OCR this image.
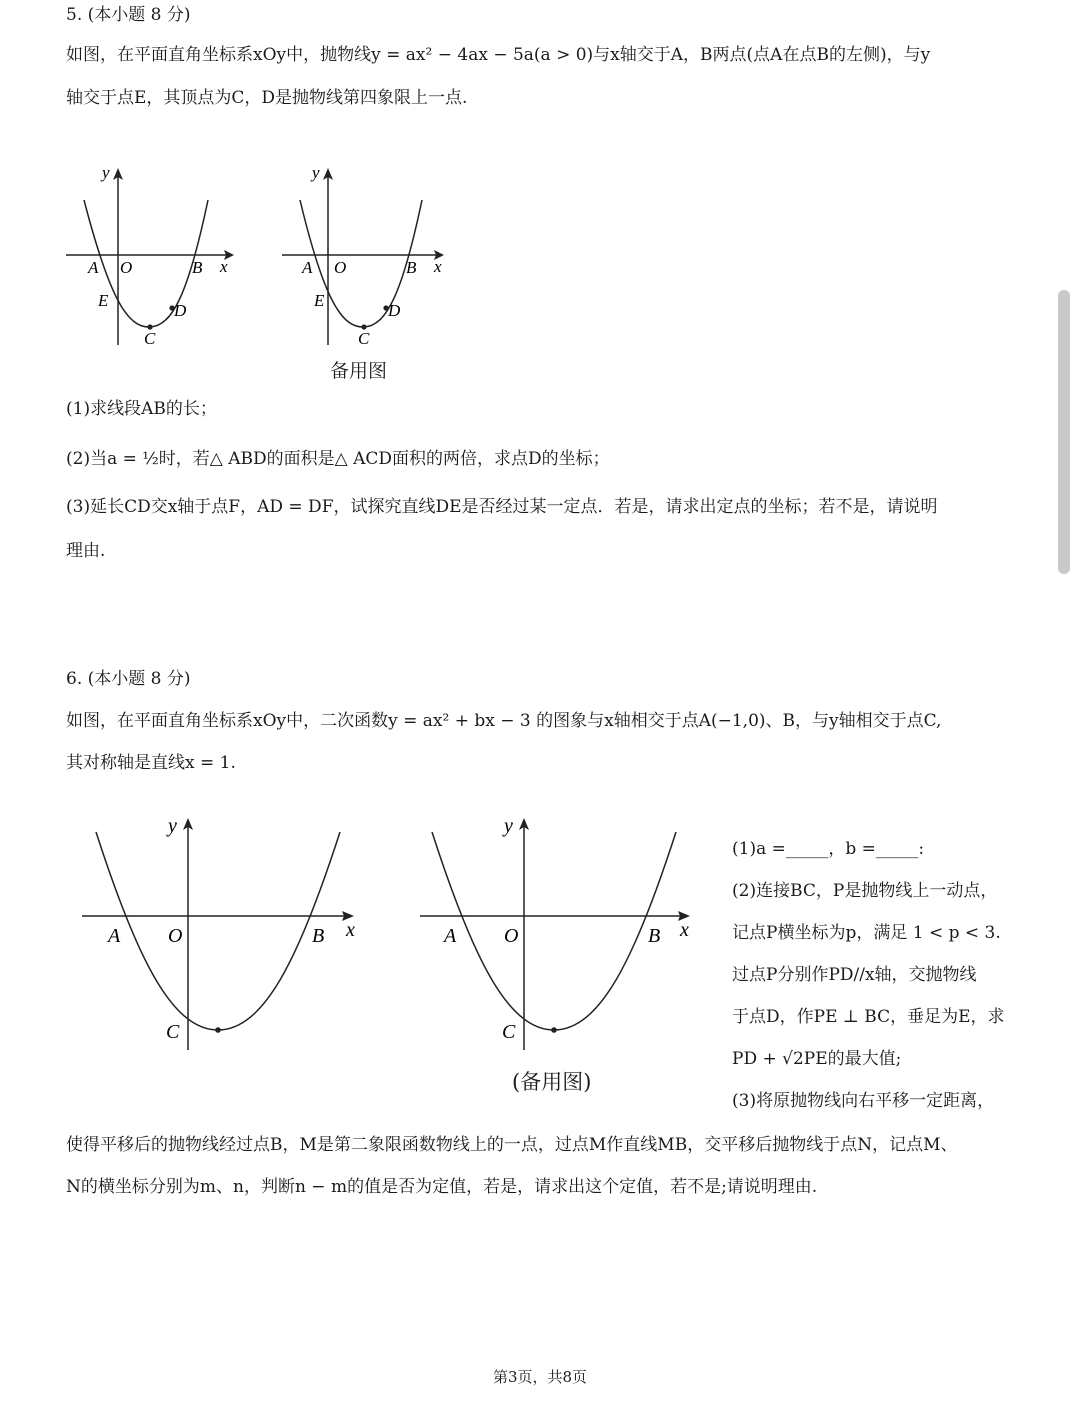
5. (本小题 8 分)
如图，在平面直角坐标系xOy中，抛物线y = ax² − 4ax − 5a(a > 0)与x轴交于A，B两点(点A在点B的左侧)，与y
轴交于点E，其顶点为C，D是抛物线第四象限上一点.
y
x
A O	B
E
D
C
y
x
A O	B
E
D
C
备用图
(1)求线段AB的长；
(2)当a = ½时，若△ ABD的面积是△ ACD面积的两倍，求点D的坐标；
(3)延长CD交x轴于点F，AD = DF，试探究直线DE是否经过某一定点．若是，请求出定点的坐标；若不是，请说明
理由.
6. (本小题 8 分)
如图，在平面直角坐标系xOy中，二次函数y = ax² + bx − 3 的图象与x轴相交于点A(−1,0)、B，与y轴相交于点C,
其对称轴是直线x = 1.
y
x
A O	B
C
y
x
A O	B
C
(备用图)
(1)a =_____，b =_____:
(2)连接BC，P是抛物线上一动点，
记点P横坐标为p，满足 1 < p < 3.
过点P分别作PD//x轴，交抛物线
于点D，作PE ⊥ BC，垂足为E，求
PD + √2PE的最大值;
(3)将原抛物线向右平移一定距离，
使得平移后的抛物线经过点B，M是第二象限函数物线上的一点，过点M作直线MB，交平移后抛物线于点N，记点M、
N的横坐标分别为m、n，判断n − m的值是否为定值，若是，请求出这个定值，若不是;请说明理由.
第3页，共8页
